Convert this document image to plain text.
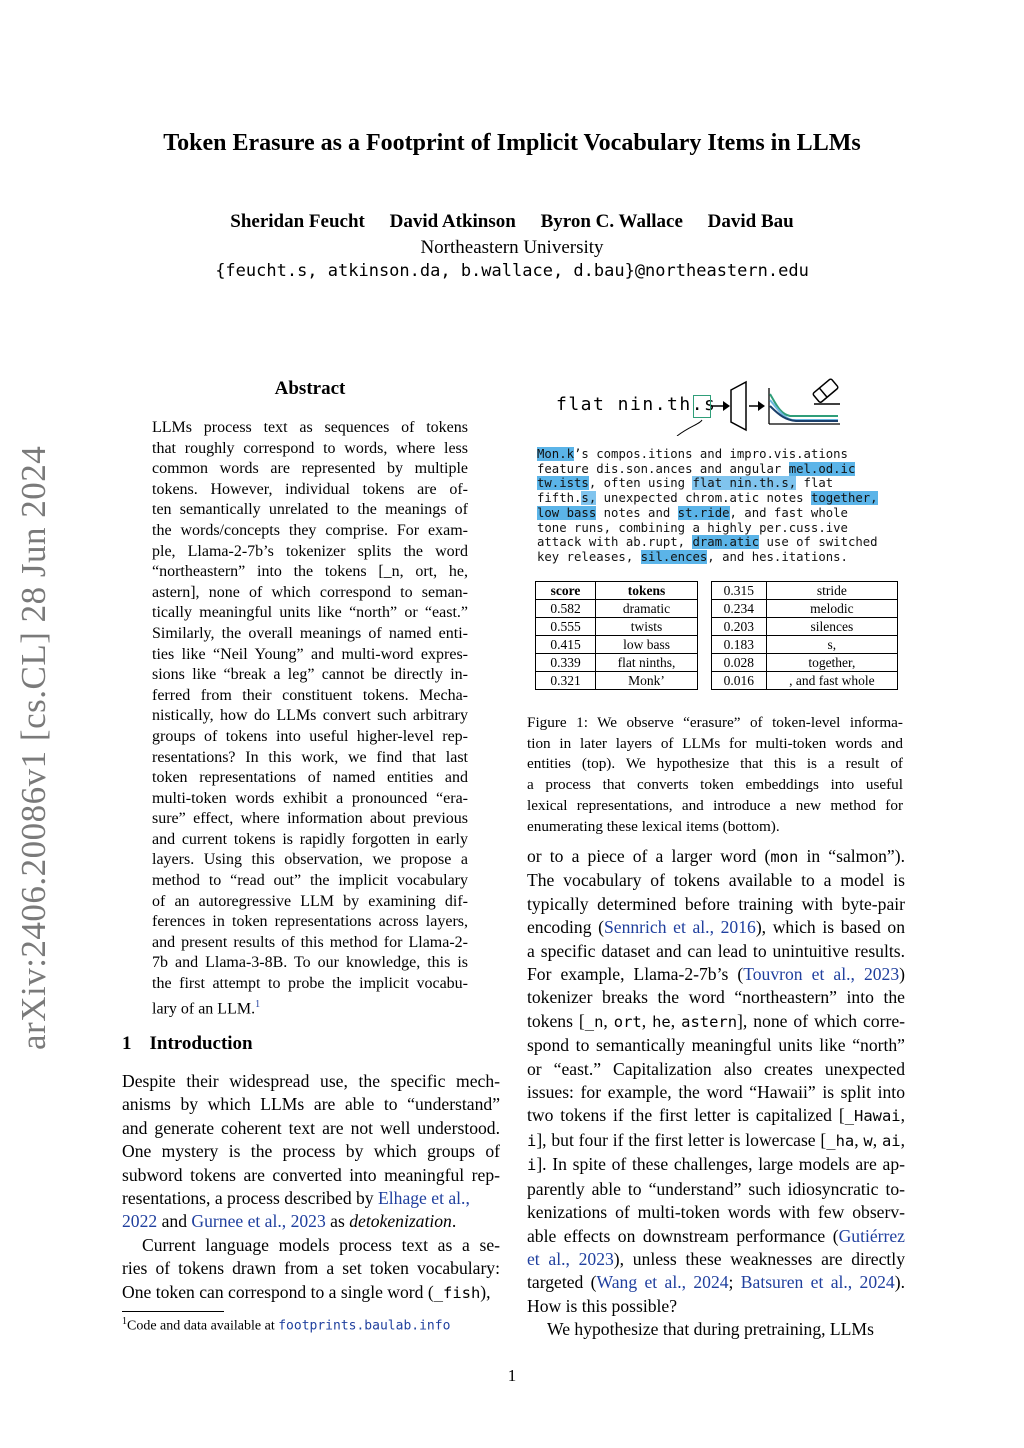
Token Erasure as a Footprint of Implicit Vocabulary Items in LLMs
Sheridan Feucht David Atkinson Byron C. Wallace David Bau
Northeastern University
{feucht.s, atkinson.da, b.wallace, d.bau}@northeastern.edu
arXiv:2406.20086v1 [cs.CL] 28 Jun 2024
Abstract
LLMs process text as sequences of tokens
that roughly correspond to words, where less
common words are represented by multiple
tokens. However, individual tokens are of-
ten semantically unrelated to the meanings of
the words/concepts they comprise. For exam-
ple, Llama-2-7b’s tokenizer splits the word
“northeastern” into the tokens [_n, ort, he,
astern], none of which correspond to seman-
tically meaningful units like “north” or “east.”
Similarly, the overall meanings of named enti-
ties like “Neil Young” and multi-word expres-
sions like “break a leg” cannot be directly in-
ferred from their constituent tokens. Mecha-
nistically, how do LLMs convert such arbitrary
groups of tokens into useful higher-level rep-
resentations? In this work, we find that last
token representations of named entities and
multi-token words exhibit a pronounced “era-
sure” effect, where information about previous
and current tokens is rapidly forgotten in early
layers. Using this observation, we propose a
method to “read out” the implicit vocabulary
of an autoregressive LLM by examining dif-
ferences in token representations across layers,
and present results of this method for Llama-2-
7b and Llama-3-8B. To our knowledge, this is
the first attempt to probe the implicit vocabu-
lary of an LLM.$^1$
1 Introduction
Despite their widespread use, the specific mech-
anisms by which LLMs are able to “understand”
and generate coherent text are not well understood.
One mystery is the process by which groups of
subword tokens are converted into meaningful rep-
resentations, a process described by Elhage et al.,
2022 and Gurnee et al., 2023 as detokenization.
Current language models process text as a se-
ries of tokens drawn from a set token vocabulary:
One token can correspond to a single word (_fish),
$^1$Code and data available at footprints.baulab.info
flat nin.th.s
Mon.k’s compos.itions and impro.vis.ations
feature dis.son.ances and angular mel.od.ic
tw.ists, often using flat nin.th.s, flat
fifth.s, unexpected chrom.atic notes together,
low bass notes and st.ride, and fast whole
tone runs, combining a highly per.cuss.ive
attack with ab.rupt, dram.atic use of switched
key releases, sil.ences, and hes.itations.
score	tokens
0.582	dramatic
0.555	twists
0.415	low bass
0.339	flat ninths,
0.321	Monk’
0.315	stride
0.234	melodic
0.203	silences
0.183	s,
0.028	together,
0.016	, and fast whole
Figure 1: We observe “erasure” of token-level informa-
tion in later layers of LLMs for multi-token words and
entities (top). We hypothesize that this is a result of
a process that converts token embeddings into useful
lexical representations, and introduce a new method for
enumerating these lexical items (bottom).
or to a piece of a larger word (mon in “salmon”).
The vocabulary of tokens available to a model is
typically determined before training with byte-pair
encoding (Sennrich et al., 2016), which is based on
a specific dataset and can lead to unintuitive results.
For example, Llama-2-7b’s (Touvron et al., 2023)
tokenizer breaks the word “northeastern” into the
tokens [_n, ort, he, astern], none of which corre-
spond to semantically meaningful units like “north”
or “east.” Capitalization also creates unexpected
issues: for example, the word “Hawaii” is split into
two tokens if the first letter is capitalized [_Hawai,
i], but four if the first letter is lowercase [_ha, w, ai,
i]. In spite of these challenges, large models are ap-
parently able to “understand” such idiosyncratic to-
kenizations of multi-token words with few observ-
able effects on downstream performance (Gutiérrez
et al., 2023), unless these weaknesses are directly
targeted (Wang et al., 2024; Batsuren et al., 2024).
How is this possible?
We hypothesize that during pretraining, LLMs
1
